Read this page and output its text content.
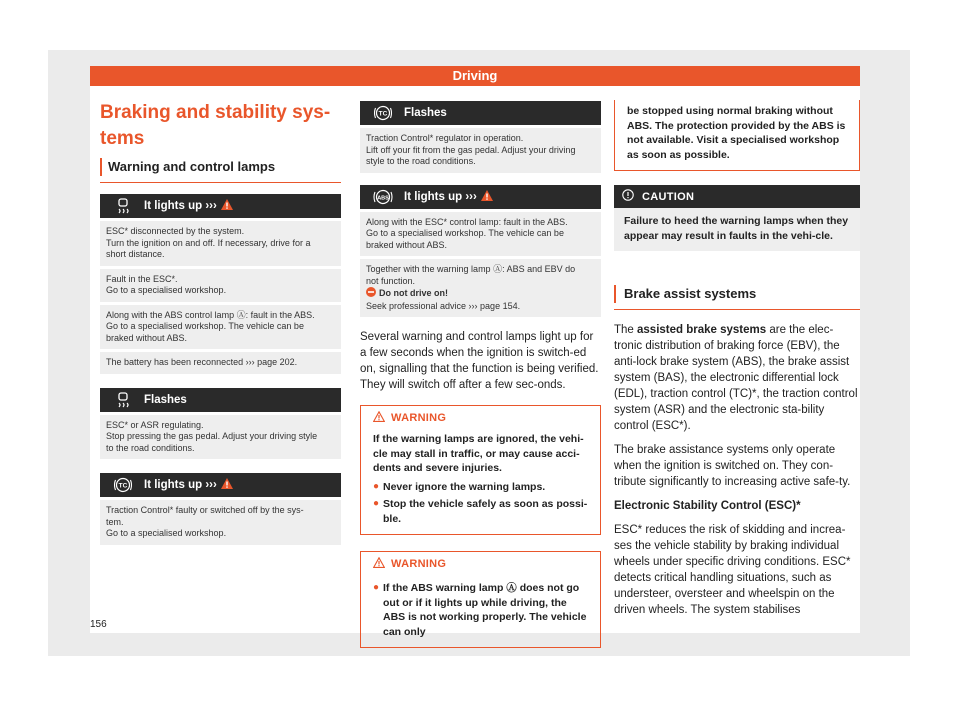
Driving
Braking and stability sys-
tems
Warning and control lamps
It lights up ›››
ESC* disconnected by the system.
Turn the ignition on and off. If necessary, drive for a
short distance.
Fault in the ESC*.
Go to a specialised workshop.
Along with the ABS control lamp Ⓐ: fault in the ABS.
Go to a specialised workshop. The vehicle can be
braked without ABS.
The battery has been reconnected ››› page 202.
Flashes
ESC* or ASR regulating.
Stop pressing the gas pedal. Adjust your driving style
to the road conditions.
TC It lights up ›››
Traction Control* faulty or switched off by the sys-
tem.
Go to a specialised workshop.
TC Flashes
Traction Control* regulator in operation.
Lift off your fit from the gas pedal. Adjust your driving
style to the road conditions.
ABS It lights up ›››
Along with the ESC* control lamp: fault in the ABS.
Go to a specialised workshop. The vehicle can be
braked without ABS.
Together with the warning lamp Ⓐ: ABS and EBV do
not function.
Do not drive on!
Seek professional advice ››› page 154.
Several warning and control lamps light up for a few seconds when the ignition is switch-ed on, signalling that the function is being verified. They will switch off after a few sec-onds.
WARNING

If the warning lamps are ignored, the vehi-cle may stall in traffic, or may cause acci-dents and severe injuries.

● Never ignore the warning lamps.
● Stop the vehicle safely as soon as possi-ble.
WARNING
● If the ABS warning lamp Ⓐ does not go out or if it lights up while driving, the ABS is not working properly. The vehicle can only
be stopped using normal braking without ABS. The protection provided by the ABS is not available. Visit a specialised workshop as soon as possible.
CAUTION
Failure to heed the warning lamps when they appear may result in faults in the vehi-cle.
Brake assist systems

The assisted brake systems are the elec-tronic distribution of braking force (EBV), the anti-lock brake system (ABS), the brake assist system (BAS), the electronic differential lock (EDL), traction control (TC)*, the traction control system (ASR) and the electronic sta-bility control (ESC*).

The brake assistance systems only operate when the ignition is switched on. They con-tribute significantly to increasing active safe-ty.

Electronic Stability Control (ESC)*

ESC* reduces the risk of skidding and increa-ses the vehicle stability by braking individual wheels under specific driving conditions. ESC* detects critical handling situations, such as understeer, oversteer and wheelspin on the driven wheels. The system stabilises

156
